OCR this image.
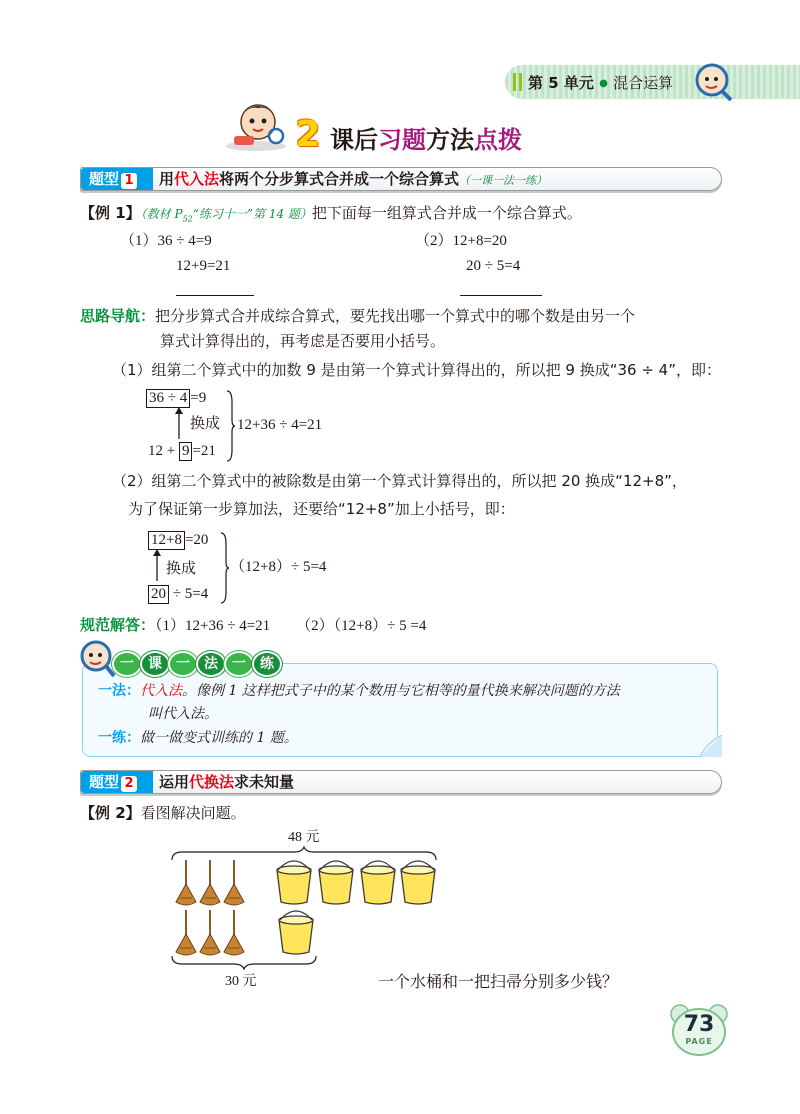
第 5 单元 ● 混合运算
2 课后习题方法点拨
题型 1	用代入法将两个分步算式合并成一个综合算式（一课一法一练）
【例 1】（教材 $P_{52}“$练习十一”第 14 题）把下面每一组算式合并成一个综合算式。
（1）36 ÷ 4=9
12+9=21
（2）12+8=20
20 ÷ 5=4
思路导航：把分步算式合并成综合算式，要先找出哪一个算式中的哪个数是由另一个
算式计算得出的，再考虑是否要用小括号。
（1）组第二个算式中的加数 9 是由第一个算式计算得出的，所以把 9 换成“36 ÷ 4”，即：
36 ÷ 4 =9
换成
12 + 9 =21
12+36 ÷ 4=21
（2）组第二个算式中的被除数是由第一个算式计算得出的，所以把 20 换成“12+8”，
为了保证第一步算加法，还要给“12+8”加上小括号，即：
12+8 =20
换成
20 ÷ 5=4
（12+8）÷ 5=4
规范解答：（1）12+36 ÷ 4=21 （2）（12+8）÷ 5 =4
一 课 一 法 一 练
一法：代入法。像例 1 这样把式子中的某个数用与它相等的量代换来解决问题的方法
叫代入法。
一练：做一做变式训练的 1 题。
题型 2	运用代换法求未知量
【例 2】看图解决问题。
48 元
30 元	一个水桶和一把扫帚分别多少钱？
73
PAGE
